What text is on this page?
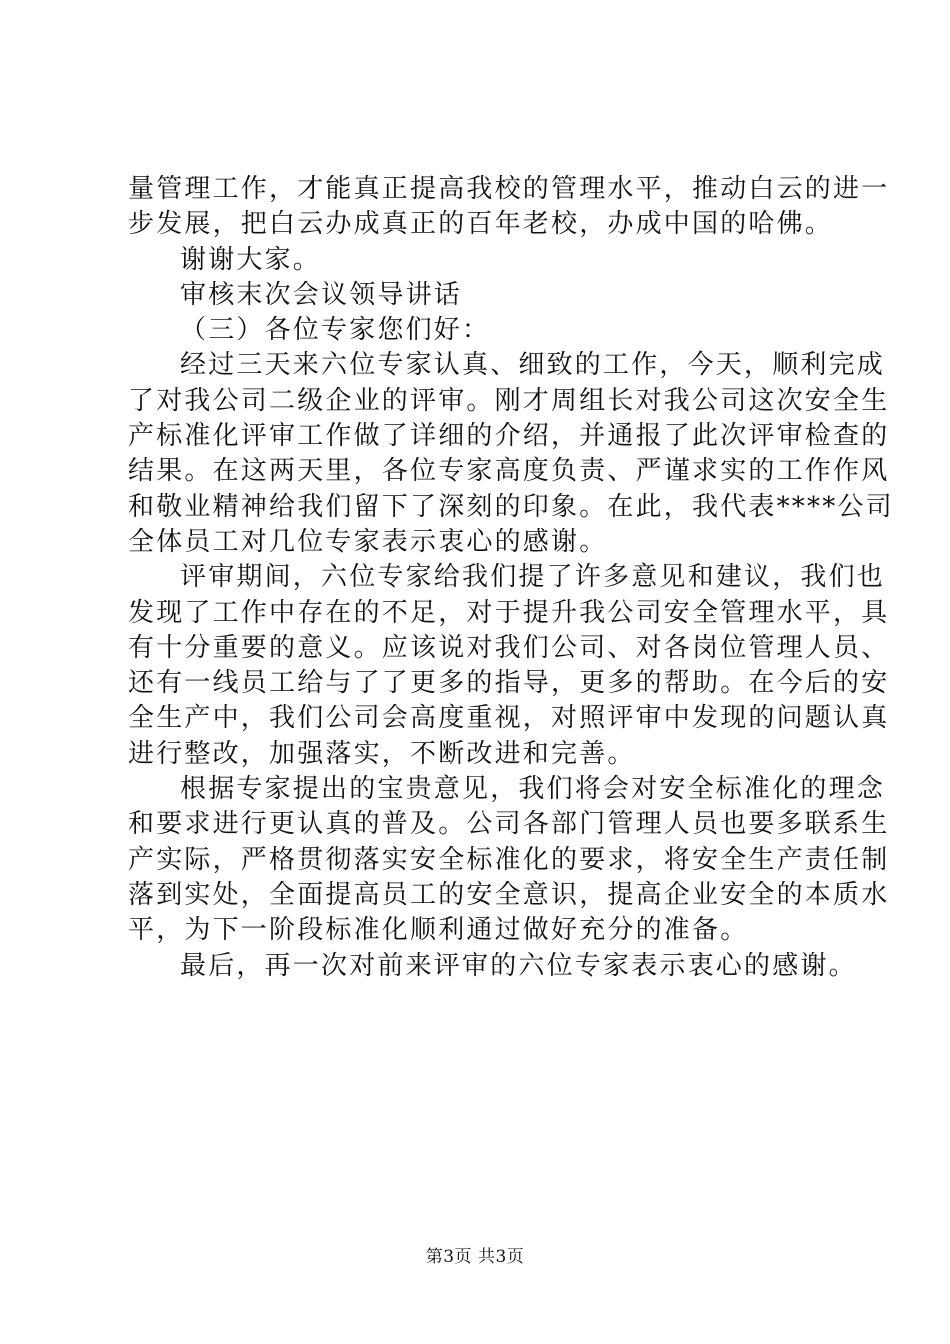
量管理工作，才能真正提高我校的管理水平，推动白云的进一
步发展，把白云办成真正的百年老校，办成中国的哈佛。
谢谢大家。
审核末次会议领导讲话
（三）各位专家您们好：
经过三天来六位专家认真、细致的工作，今天，顺利完成
了对我公司二级企业的评审。刚才周组长对我公司这次安全生
产标准化评审工作做了详细的介绍，并通报了此次评审检查的
结果。在这两天里，各位专家高度负责、严谨求实的工作作风
和敬业精神给我们留下了深刻的印象。在此，我代表****公司
全体员工对几位专家表示衷心的感谢。
评审期间，六位专家给我们提了许多意见和建议，我们也
发现了工作中存在的不足，对于提升我公司安全管理水平，具
有十分重要的意义。应该说对我们公司、对各岗位管理人员、
还有一线员工给与了了更多的指导，更多的帮助。在今后的安
全生产中，我们公司会高度重视，对照评审中发现的问题认真
进行整改，加强落实，不断改进和完善。
根据专家提出的宝贵意见，我们将会对安全标准化的理念
和要求进行更认真的普及。公司各部门管理人员也要多联系生
产实际，严格贯彻落实安全标准化的要求，将安全生产责任制
落到实处，全面提高员工的安全意识，提高企业安全的本质水
平，为下一阶段标准化顺利通过做好充分的准备。
最后，再一次对前来评审的六位专家表示衷心的感谢。
第3页 共3页
